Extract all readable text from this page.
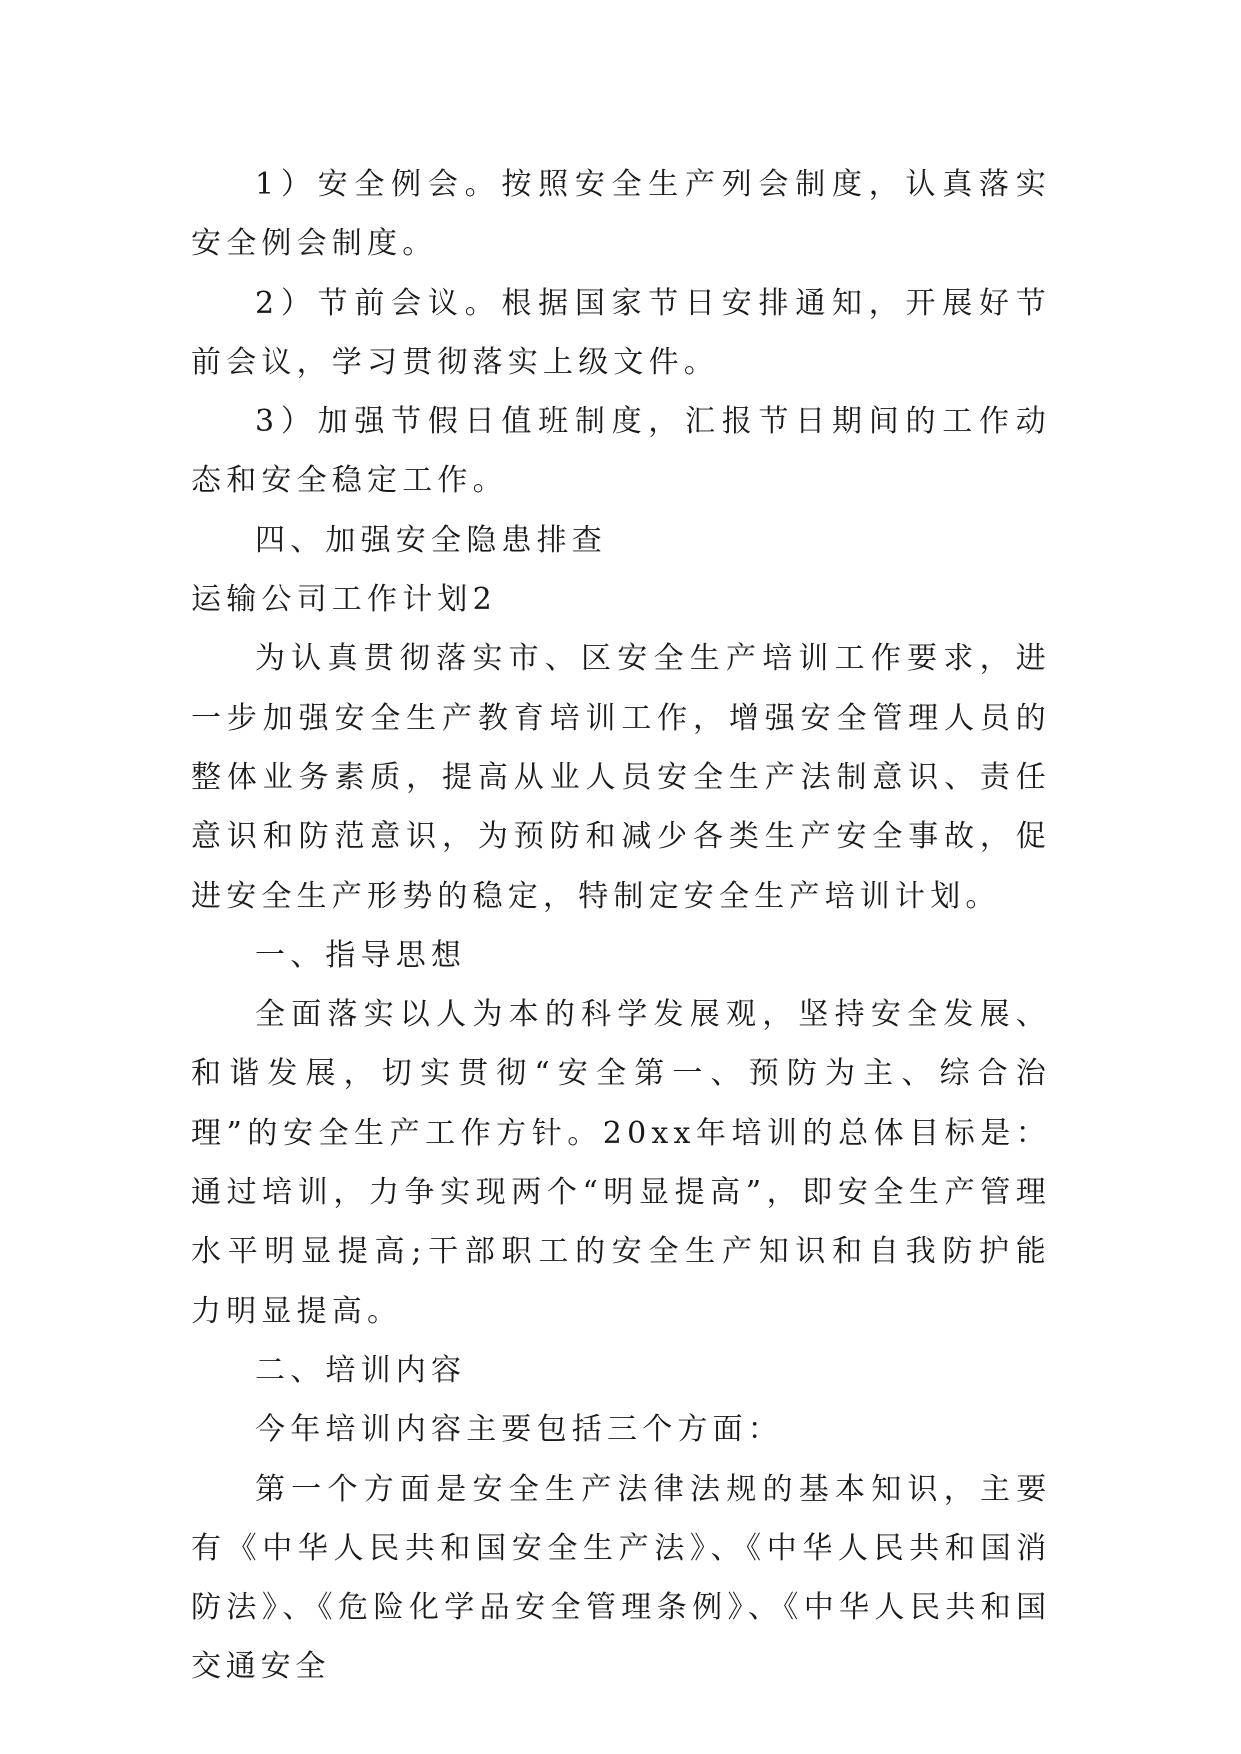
1）安全例会。按照安全生产列会制度，认真落实安全例会制度。

2）节前会议。根据国家节日安排通知，开展好节前会议，学习贯彻落实上级文件。

3）加强节假日值班制度，汇报节日期间的工作动态和安全稳定工作。

四、加强安全隐患排查

运输公司工作计划2

为认真贯彻落实市、区安全生产培训工作要求，进一步加强安全生产教育培训工作，增强安全管理人员的整体业务素质，提高从业人员安全生产法制意识、责任意识和防范意识，为预防和减少各类生产安全事故，促进安全生产形势的稳定，特制定安全生产培训计划。

一、指导思想

全面落实以人为本的科学发展观，坚持安全发展、和谐发展，切实贯彻“安全第一、预防为主、综合治理”的安全生产工作方针。20xx年培训的总体目标是：通过培训，力争实现两个“明显提高”，即安全生产管理水平明显提高;干部职工的安全生产知识和自我防护能力明显提高。

二、培训内容

今年培训内容主要包括三个方面：

第一个方面是安全生产法律法规的基本知识，主要有《中华人民共和国安全生产法》、《中华人民共和国消防法》、《危险化学品安全管理条例》、《中华人民共和国交通安全
